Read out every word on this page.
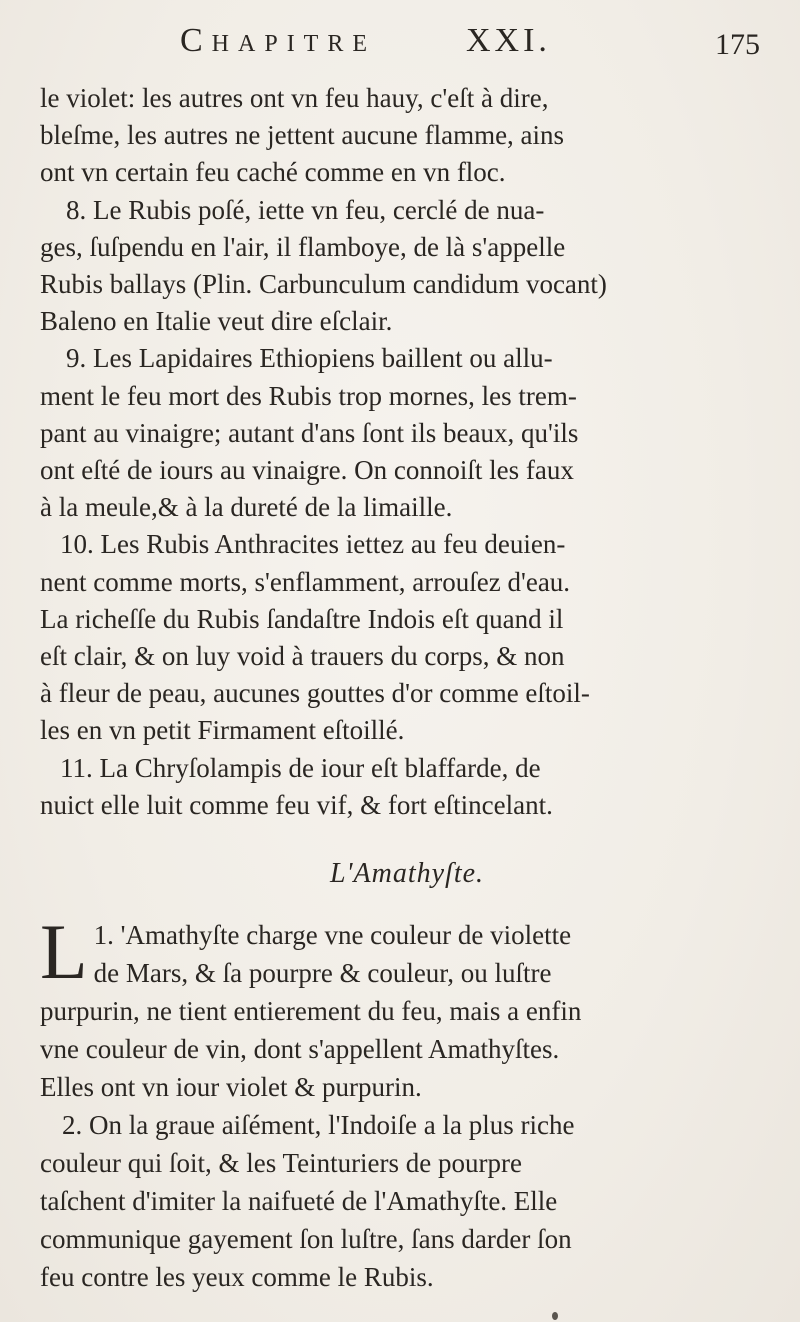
Chapitre	XXI.	175

le violet: les autres ont vn feu hauy, c'eſt à dire,

bleſme, les autres ne jettent aucune flamme, ains

ont vn certain feu caché comme en vn floc.

8. Le Rubis poſé, iette vn feu, cerclé de nua-

ges, ſuſpendu en l'air, il flamboye, de là s'appelle

Rubis ballays (Plin. Carbunculum candidum vocant)

Baleno en Italie veut dire eſclair.

9. Les Lapidaires Ethiopiens baillent ou allu-

ment le feu mort des Rubis trop mornes, les trem-

pant au vinaigre; autant d'ans ſont ils beaux, qu'ils

ont eſté de iours au vinaigre. On connoiſt les faux

à la meule,& à la dureté de la limaille.

10. Les Rubis Anthracites iettez au feu deuien-

nent comme morts, s'enflamment, arrouſez d'eau.

La richeſſe du Rubis ſandaſtre Indois eſt quand il

eſt clair, & on luy void à trauers du corps, & non

à fleur de peau, aucunes gouttes d'or comme eſtoil-

les en vn petit Firmament eſtoillé.

11. La Chryſolampis de iour eſt blaffarde, de

nuict elle luit comme feu vif, & fort eſtincelant.

L'Amathyſte.
L 1. 'Amathyſte charge vne couleur de violette

de Mars, & ſa pourpre & couleur, ou luſtre

purpurin, ne tient entierement du feu, mais a enfin

vne couleur de vin, dont s'appellent Amathyſtes.

Elles ont vn iour violet & purpurin.

2. On la graue aiſément, l'Indoiſe a la plus riche

couleur qui ſoit, & les Teinturiers de pourpre

taſchent d'imiter la naifueté de l'Amathyſte. Elle

communique gayement ſon luſtre, ſans darder ſon

feu contre les yeux comme le Rubis.
